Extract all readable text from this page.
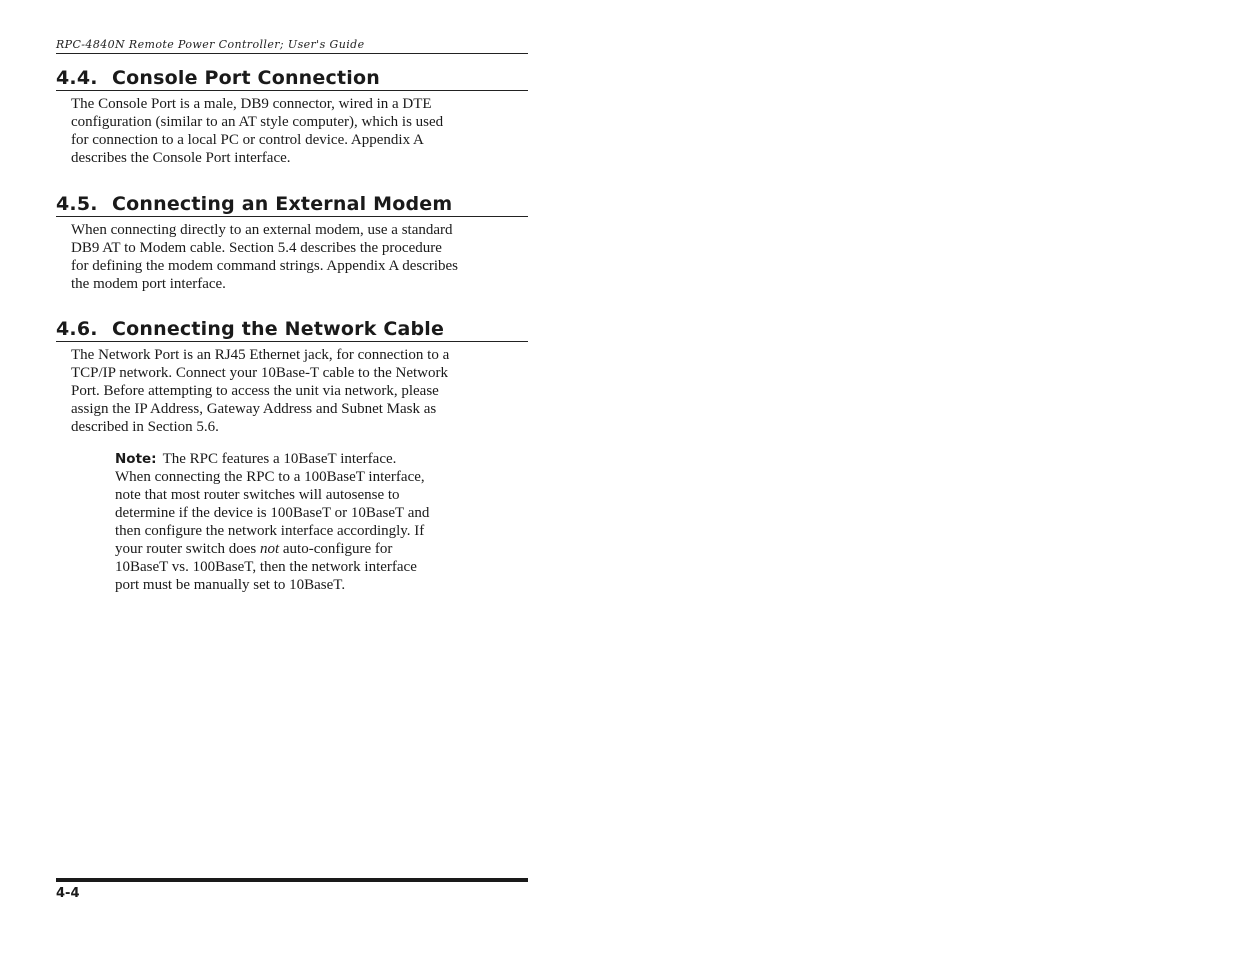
RPC-4840N Remote Power Controller; User's Guide
4.4. Console Port Connection
The Console Port is a male, DB9 connector, wired in a DTE
configuration (similar to an AT style computer), which is used
for connection to a local PC or control device. Appendix A
describes the Console Port interface.
4.5. Connecting an External Modem
When connecting directly to an external modem, use a standard
DB9 AT to Modem cable. Section 5.4 describes the procedure
for defining the modem command strings. Appendix A describes
the modem port interface.
4.6. Connecting the Network Cable
The Network Port is an RJ45 Ethernet jack, for connection to a
TCP/IP network. Connect your 10Base-T cable to the Network
Port. Before attempting to access the unit via network, please
assign the IP Address, Gateway Address and Subnet Mask as
described in Section 5.6.
Note: The RPC features a 10BaseT interface.
When connecting the RPC to a 100BaseT interface,
note that most router switches will autosense to
determine if the device is 100BaseT or 10BaseT and
then configure the network interface accordingly. If
your router switch does not auto-configure for
10BaseT vs. 100BaseT, then the network interface
port must be manually set to 10BaseT.
4-4
